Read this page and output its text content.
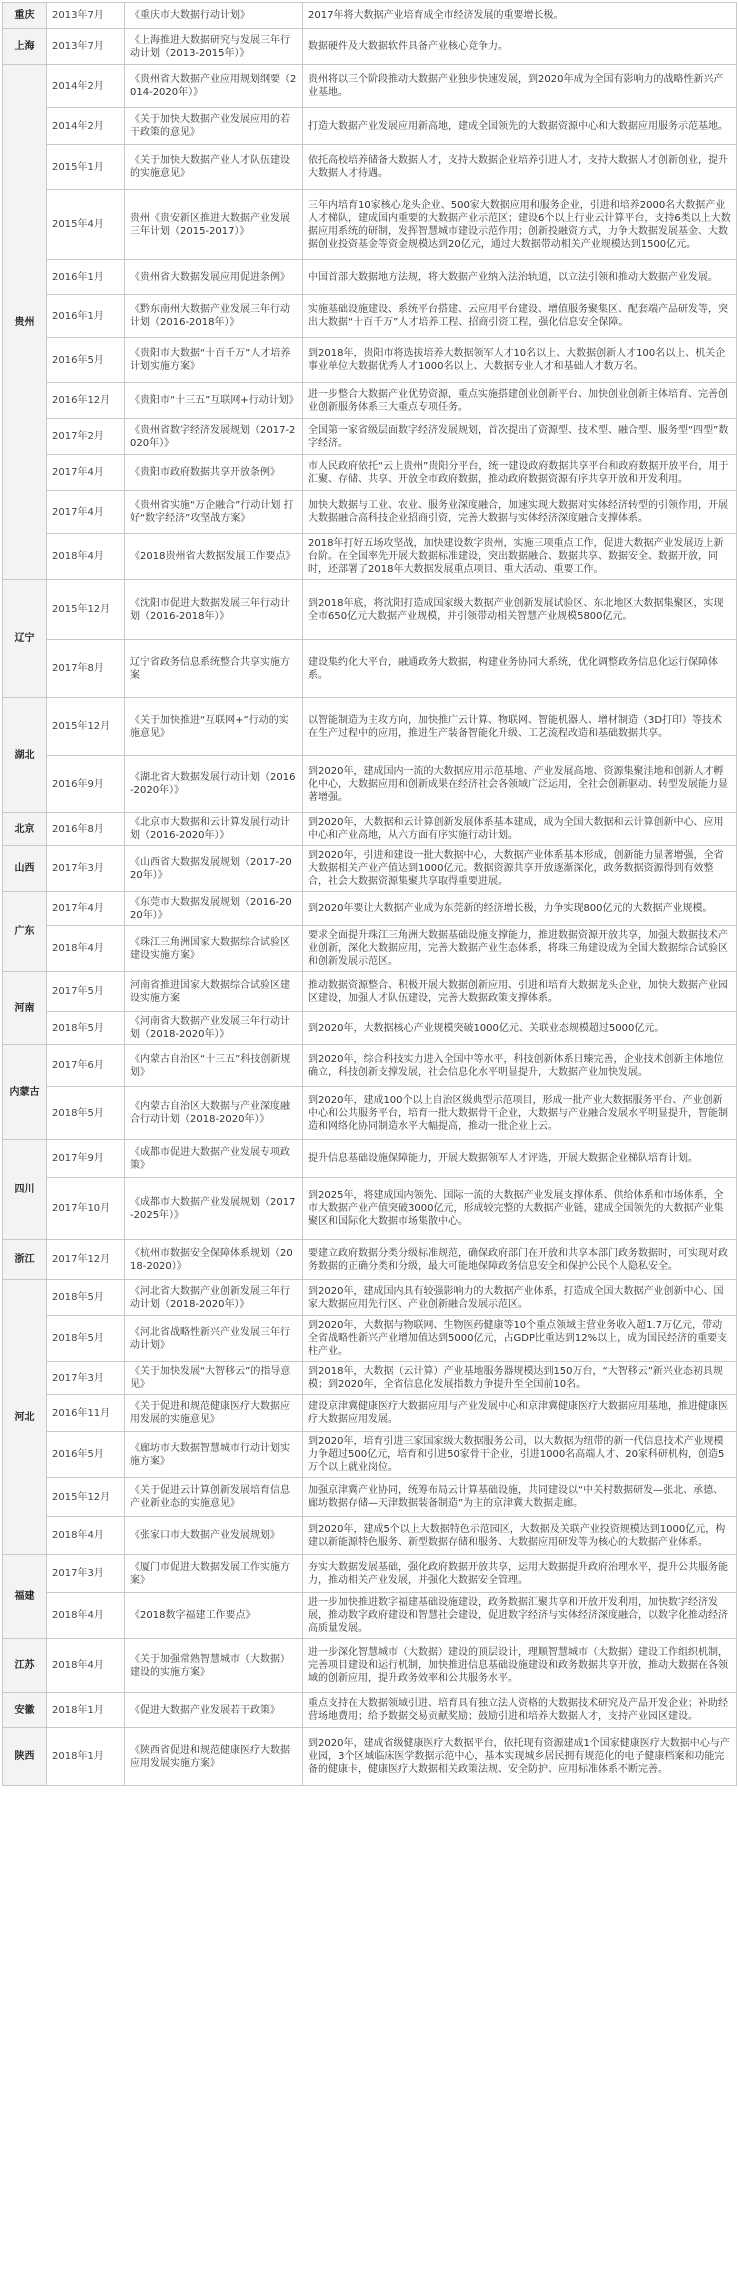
重庆	2013年7月	《重庆市大数据行动计划》	2017年将大数据产业培育成全市经济发展的重要增长极。
上海	2013年7月	《上海推进大数据研究与发展三年行动计划（2013-2015年）》	数据硬件及大数据软件具备产业核心竞争力。
贵州	2014年2月	《贵州省大数据产业应用规划纲要（2014-2020年）》	贵州将以三个阶段推动大数据产业独步快速发展，到2020年成为全国有影响力的战略性新兴产业基地。
	2014年2月	《关于加快大数据产业发展应用的若干政策的意见》	打造大数据产业发展应用新高地，建成全国领先的大数据资源中心和大数据应用服务示范基地。
	2015年1月	《关于加快大数据产业人才队伍建设的实施意见》	依托高校培养储备大数据人才，支持大数据企业培养引进人才，支持大数据人才创新创业，提升大数据人才待遇。
	2015年4月	贵州《贵安新区推进大数据产业发展三年计划（2015-2017）》	三年内培育10家核心龙头企业、500家大数据应用和服务企业，引进和培养2000名大数据产业人才梯队，建成国内重要的大数据产业示范区；建设6个以上行业云计算平台，支持6类以上大数据应用系统的研制，发挥智慧城市建设示范作用；创新投融资方式，力争大数据发展基金、大数据创业投资基金等资金规模达到20亿元，通过大数据带动相关产业规模达到1500亿元。
	2016年1月	《贵州省大数据发展应用促进条例》	中国首部大数据地方法规，将大数据产业纳入法治轨道，以立法引领和推动大数据产业发展。
	2016年1月	《黔东南州大数据产业发展三年行动计划（2016-2018年）》	实施基础设施建设、系统平台搭建、云应用平台建设、增值服务聚集区、配套端产品研发等，突出大数据“十百千万”人才培养工程、招商引资工程，强化信息安全保障。
	2016年5月	《贵阳市大数据“十百千万”人才培养计划实施方案》	到2018年，贵阳市将选拔培养大数据领军人才10名以上、大数据创新人才100名以上、机关企事业单位大数据优秀人才1000名以上、大数据专业人才和基础人才数万名。
	2016年12月	《贵阳市“十三五”互联网+行动计划》	进一步整合大数据产业优势资源，重点实施搭建创业创新平台、加快创业创新主体培育、完善创业创新服务体系三大重点专项任务。
	2017年2月	《贵州省数字经济发展规划（2017-2020年）》	全国第一家省级层面数字经济发展规划，首次提出了资源型、技术型、融合型、服务型“四型”数字经济。
	2017年4月	《贵阳市政府数据共享开放条例》	市人民政府依托“云上贵州”贵阳分平台，统一建设政府数据共享平台和政府数据开放平台，用于汇聚、存储、共享、开放全市政府数据，推动政府数据资源有序共享开放和开发利用。
	2017年4月	《贵州省实施“万企融合”行动计划 打好“数字经济”攻坚战方案》	加快大数据与工业、农业、服务业深度融合，加速实现大数据对实体经济转型的引领作用，开展大数据融合高科技企业招商引资，完善大数据与实体经济深度融合支撑体系。
	2018年4月	《2018贵州省大数据发展工作要点》	2018年打好五场攻坚战，加快建设数字贵州，实施三项重点工作，促进大数据产业发展迈上新台阶。在全国率先开展大数据标准建设，突出数据融合、数据共享、数据安全、数据开放，同时，还部署了2018年大数据发展重点项目、重大活动、重要工作。
辽宁	2015年12月	《沈阳市促进大数据发展三年行动计划（2016-2018年）》	到2018年底，将沈阳打造成国家级大数据产业创新发展试验区、东北地区大数据集聚区，实现全市650亿元大数据产业规模，并引领带动相关智慧产业规模5800亿元。
	2017年8月	辽宁省政务信息系统整合共享实施方案	建设集约化大平台，融通政务大数据，构建业务协同大系统，优化调整政务信息化运行保障体系。
湖北	2015年12月	《关于加快推进“互联网+”行动的实施意见》	以智能制造为主攻方向，加快推广云计算、物联网、智能机器人、增材制造（3D打印）等技术在生产过程中的应用，推进生产装备智能化升级、工艺流程改造和基础数据共享。
	2016年9月	《湖北省大数据发展行动计划（2016-2020年）》	到2020年，建成国内一流的大数据应用示范基地、产业发展高地、资源集聚洼地和创新人才孵化中心，大数据应用和创新成果在经济社会各领域广泛运用，全社会创新驱动、转型发展能力显著增强。
北京	2016年8月	《北京市大数据和云计算发展行动计划（2016-2020年）》	到2020年，大数据和云计算创新发展体系基本建成，成为全国大数据和云计算创新中心、应用中心和产业高地，从六方面有序实施行动计划。
山西	2017年3月	《山西省大数据发展规划（2017-2020年）》	到2020年，引进和建设一批大数据中心，大数据产业体系基本形成，创新能力显著增强，全省大数据相关产业产值达到1000亿元。数据资源共享开放逐渐深化，政务数据资源得到有效整合，社会大数据资源集聚共享取得重要进展。
广东	2017年4月	《东莞市大数据发展规划（2016-2020年）》	到2020年要让大数据产业成为东莞新的经济增长极，力争实现800亿元的大数据产业规模。
	2018年4月	《珠江三角洲国家大数据综合试验区建设实施方案》	要求全面提升珠江三角洲大数据基础设施支撑能力，推进数据资源开放共享，加强大数据技术产业创新，深化大数据应用，完善大数据产业生态体系，将珠三角建设成为全国大数据综合试验区和创新发展示范区。
河南	2017年5月	河南省推进国家大数据综合试验区建设实施方案	推动数据资源整合、积极开展大数据创新应用、引进和培育大数据龙头企业，加快大数据产业园区建设，加强人才队伍建设，完善大数据政策支撑体系。
	2018年5月	《河南省大数据产业发展三年行动计划（2018-2020年）》	到2020年，大数据核心产业规模突破1000亿元、关联业态规模超过5000亿元。
内蒙古	2017年6月	《内蒙古自治区“十三五”科技创新规划》	到2020年，综合科技实力进入全国中等水平，科技创新体系日臻完善，企业技术创新主体地位确立，科技创新支撑发展，社会信息化水平明显提升，大数据产业加快发展。
	2018年5月	《内蒙古自治区大数据与产业深度融合行动计划（2018-2020年）》	到2020年，建成100个以上自治区级典型示范项目，形成一批产业大数据服务平台、产业创新中心和公共服务平台，培育一批大数据骨干企业，大数据与产业融合发展水平明显提升，智能制造和网络化协同制造水平大幅提高，推动一批企业上云。
四川	2017年9月	《成都市促进大数据产业发展专项政策》	提升信息基础设施保障能力，开展大数据领军人才评选，开展大数据企业梯队培育计划。
	2017年10月	《成都市大数据产业发展规划（2017-2025年）》	到2025年，将建成国内领先、国际一流的大数据产业发展支撑体系、供给体系和市场体系，全市大数据产业产值突破3000亿元，形成较完整的大数据产业链，建成全国领先的大数据产业集聚区和国际化大数据市场集散中心。
浙江	2017年12月	《杭州市数据安全保障体系规划（2018-2020）》	要建立政府数据分类分级标准规范，确保政府部门在开放和共享本部门政务数据时，可实现对政务数据的正确分类和分级，最大可能地保障政务信息安全和保护公民个人隐私安全。
河北	2018年5月	《河北省大数据产业创新发展三年行动计划（2018-2020年）》	到2020年，建成国内具有较强影响力的大数据产业体系，打造成全国大数据产业创新中心、国家大数据应用先行区、产业创新融合发展示范区。
	2018年5月	《河北省战略性新兴产业发展三年行动计划》	到2020年，大数据与物联网、生物医药健康等10个重点领域主营业务收入超1.7万亿元，带动全省战略性新兴产业增加值达到5000亿元，占GDP比重达到12%以上，成为国民经济的重要支柱产业。
	2017年3月	《关于加快发展“大智移云”的指导意见》	到2018年，大数据（云计算）产业基地服务器规模达到150万台，“大智移云”新兴业态初具规模；到2020年，全省信息化发展指数力争提升至全国前10名。
	2016年11月	《关于促进和规范健康医疗大数据应用发展的实施意见》	建设京津冀健康医疗大数据应用与产业发展中心和京津冀健康医疗大数据应用基地，推进健康医疗大数据应用发展。
	2016年5月	《廊坊市大数据智慧城市行动计划实施方案》	到2020年，培育引进三家国家级大数据服务公司，以大数据为纽带的新一代信息技术产业规模力争超过500亿元，培育和引进50家骨干企业，引进1000名高端人才、20家科研机构，创造5万个以上就业岗位。
	2015年12月	《关于促进云计算创新发展培育信息产业新业态的实施意见》	加强京津冀产业协同，统筹布局云计算基础设施，共同建设以“中关村数据研发—张北、承德、廊坊数据存储—天津数据装备制造”为主的京津冀大数据走廊。
	2018年4月	《张家口市大数据产业发展规划》	到2020年，建成5个以上大数据特色示范园区，大数据及关联产业投资规模达到1000亿元，构建以新能源特色服务、新型数据存储和服务、大数据应用研发等为核心的大数据产业体系。
福建	2017年3月	《厦门市促进大数据发展工作实施方案》	夯实大数据发展基础，强化政府数据开放共享，运用大数据提升政府治理水平，提升公共服务能力，推动相关产业发展，并强化大数据安全管理。
	2018年4月	《2018数字福建工作要点》	进一步加快推进数字福建基础设施建设，政务数据汇聚共享和开放开发利用，加快数字经济发展，推动数字政府建设和智慧社会建设，促进数字经济与实体经济深度融合，以数字化推动经济高质量发展。
江苏	2018年4月	《关于加强常熟智慧城市（大数据）建设的实施方案》	进一步深化智慧城市（大数据）建设的顶层设计，理顺智慧城市（大数据）建设工作组织机制，完善项目建设和运行机制，加快推进信息基础设施建设和政务数据共享开放，推动大数据在各领域的创新应用，提升政务效率和公共服务水平。
安徽	2018年1月	《促进大数据产业发展若干政策》	重点支持在大数据领域引进、培育具有独立法人资格的大数据技术研究及产品开发企业；补助经营场地费用；给予数据交易贡献奖励；鼓励引进和培养大数据人才，支持产业园区建设。
陕西	2018年1月	《陕西省促进和规范健康医疗大数据应用发展实施方案》	到2020年，建成省级健康医疗大数据平台，依托现有资源建成1个国家健康医疗大数据中心与产业园，3个区域临床医学数据示范中心，基本实现城乡居民拥有规范化的电子健康档案和功能完备的健康卡，健康医疗大数据相关政策法规、安全防护、应用标准体系不断完善。
